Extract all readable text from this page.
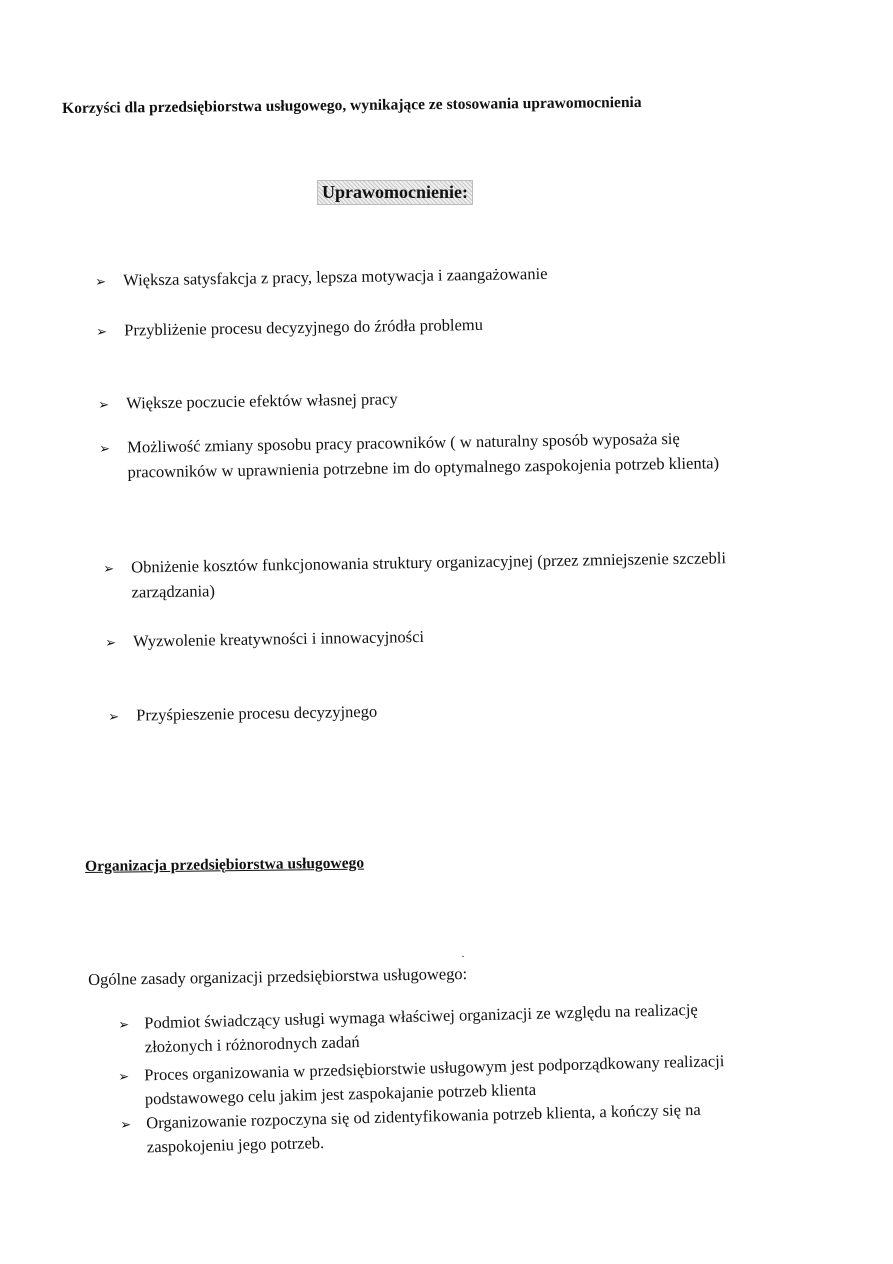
Korzyści dla przedsiębiorstwa usługowego, wynikające ze stosowania uprawomocnienia
Uprawomocnienie:
➢	Większa satysfakcja z pracy, lepsza motywacja i zaangażowanie
➢	Przybliżenie procesu decyzyjnego do źródła problemu
➢	Większe poczucie efektów własnej pracy
➢	Możliwość zmiany sposobu pracy pracowników ( w naturalny sposób wyposaża się pracowników w uprawnienia potrzebne im do optymalnego zaspokojenia potrzeb klienta)
➢	Obniżenie kosztów funkcjonowania struktury organizacyjnej (przez zmniejszenie szczebli zarządzania)
➢	Wyzwolenie kreatywności i innowacyjności
➢	Przyśpieszenie procesu decyzyjnego
Organizacja przedsiębiorstwa usługowego
Ogólne zasady organizacji przedsiębiorstwa usługowego:
➢ Podmiot świadczący usługi wymaga właściwej organizacji ze względu na realizację złożonych i różnorodnych zadań
➢ Proces organizowania w przedsiębiorstwie usługowym jest podporządkowany realizacji podstawowego celu jakim jest zaspokajanie potrzeb klienta
➢ Organizowanie rozpoczyna się od zidentyfikowania potrzeb klienta, a kończy się na zaspokojeniu jego potrzeb.
